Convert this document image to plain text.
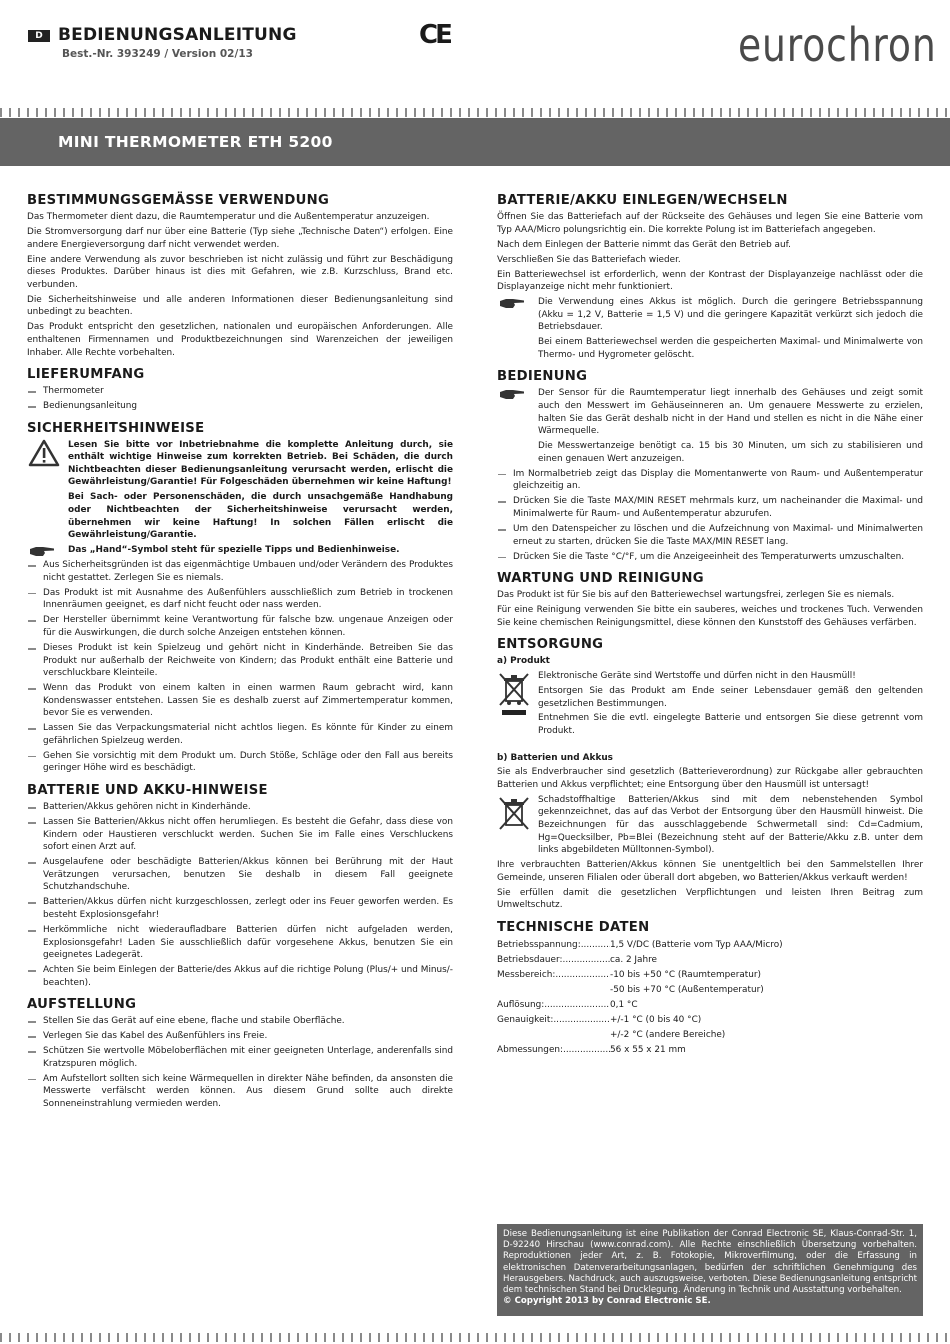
D BEDIENUNGSANLEITUNG
Best.-Nr. 393249 / Version 02/13
CE	eurochron
MINI THERMOMETER ETH 5200
BESTIMMUNGSGEMÄSSE VERWENDUNG

Das Thermometer dient dazu, die Raumtemperatur und die Außentemperatur anzuzeigen.

Die Stromversorgung darf nur über eine Batterie (Typ siehe „Technische Daten“) erfolgen. Eine andere Energieversorgung darf nicht verwendet werden.

Eine andere Verwendung als zuvor beschrieben ist nicht zulässig und führt zur Beschädigung dieses Produktes. Darüber hinaus ist dies mit Gefahren, wie z.B. Kurzschluss, Brand etc. verbunden.

Die Sicherheitshinweise und alle anderen Informationen dieser Bedienungsanleitung sind unbedingt zu beachten.

Das Produkt entspricht den gesetzlichen, nationalen und europäischen Anforderungen. Alle enthaltenen Firmennamen und Produktbezeichnungen sind Warenzeichen der jeweiligen Inhaber. Alle Rechte vorbehalten.

LIEFERUMFANG
Thermometer
Bedienungsanleitung
SICHERHEITSHINWEISE

Lesen Sie bitte vor Inbetriebnahme die komplette Anleitung durch, sie enthält wichtige Hinweise zum korrekten Betrieb. Bei Schäden, die durch Nichtbeachten dieser Bedienungsanleitung verursacht werden, erlischt die Gewährleistung/Garantie! Für Folgeschäden übernehmen wir keine Haftung!

Bei Sach- oder Personenschäden, die durch unsachgemäße Handhabung oder Nichtbeachten der Sicherheitshinweise verursacht werden, übernehmen wir keine Haftung! In solchen Fällen erlischt die Gewährleistung/Garantie.

Das „Hand“-Symbol steht für spezielle Tipps und Bedienhinweise.

Aus Sicherheitsgründen ist das eigenmächtige Umbauen und/oder Verändern des Produktes nicht gestattet. Zerlegen Sie es niemals.
Das Produkt ist mit Ausnahme des Außenfühlers ausschließlich zum Betrieb in trockenen Innenräumen geeignet, es darf nicht feucht oder nass werden.
Der Hersteller übernimmt keine Verantwortung für falsche bzw. ungenaue Anzeigen oder für die Auswirkungen, die durch solche Anzeigen entstehen können.
Dieses Produkt ist kein Spielzeug und gehört nicht in Kinderhände. Betreiben Sie das Produkt nur außerhalb der Reichweite von Kindern; das Produkt enthält eine Batterie und verschluckbare Kleinteile.
Wenn das Produkt von einem kalten in einen warmen Raum gebracht wird, kann Kondenswasser entstehen. Lassen Sie es deshalb zuerst auf Zimmertemperatur kommen, bevor Sie es verwenden.
Lassen Sie das Verpackungsmaterial nicht achtlos liegen. Es könnte für Kinder zu einem gefährlichen Spielzeug werden.
Gehen Sie vorsichtig mit dem Produkt um. Durch Stöße, Schläge oder den Fall aus bereits geringer Höhe wird es beschädigt.
BATTERIE UND AKKU-HINWEISE
Batterien/Akkus gehören nicht in Kinderhände.
Lassen Sie Batterien/Akkus nicht offen herumliegen. Es besteht die Gefahr, dass diese von Kindern oder Haustieren verschluckt werden. Suchen Sie im Falle eines Verschluckens sofort einen Arzt auf.
Ausgelaufene oder beschädigte Batterien/Akkus können bei Berührung mit der Haut Verätzungen verursachen, benutzen Sie deshalb in diesem Fall geeignete Schutzhandschuhe.
Batterien/Akkus dürfen nicht kurzgeschlossen, zerlegt oder ins Feuer geworfen werden. Es besteht Explosionsgefahr!
Herkömmliche nicht wiederaufladbare Batterien dürfen nicht aufgeladen werden, Explosionsgefahr! Laden Sie ausschließlich dafür vorgesehene Akkus, benutzen Sie ein geeignetes Ladegerät.
Achten Sie beim Einlegen der Batterie/des Akkus auf die richtige Polung (Plus/+ und Minus/- beachten).
AUFSTELLUNG
Stellen Sie das Gerät auf eine ebene, flache und stabile Oberfläche.
Verlegen Sie das Kabel des Außenfühlers ins Freie.
Schützen Sie wertvolle Möbeloberflächen mit einer geeigneten Unterlage, anderenfalls sind Kratzspuren möglich.
Am Aufstellort sollten sich keine Wärmequellen in direkter Nähe befinden, da ansonsten die Messwerte verfälscht werden können. Aus diesem Grund sollte auch direkte Sonneneinstrahlung vermieden werden.
BATTERIE/AKKU EINLEGEN/WECHSELN

Öffnen Sie das Batteriefach auf der Rückseite des Gehäuses und legen Sie eine Batterie vom Typ AAA/Micro polungsrichtig ein. Die korrekte Polung ist im Batteriefach angegeben.

Nach dem Einlegen der Batterie nimmt das Gerät den Betrieb auf.

Verschließen Sie das Batteriefach wieder.

Ein Batteriewechsel ist erforderlich, wenn der Kontrast der Displayanzeige nachlässt oder die Displayanzeige nicht mehr funktioniert.

Die Verwendung eines Akkus ist möglich. Durch die geringere Betriebsspannung (Akku = 1,2 V, Batterie = 1,5 V) und die geringere Kapazität verkürzt sich jedoch die Betriebsdauer.

Bei einem Batteriewechsel werden die gespeicherten Maximal- und Minimalwerte von Thermo- und Hygrometer gelöscht.

BEDIENUNG

Der Sensor für die Raumtemperatur liegt innerhalb des Gehäuses und zeigt somit auch den Messwert im Gehäuseinneren an. Um genauere Messwerte zu erzielen, halten Sie das Gerät deshalb nicht in der Hand und stellen es nicht in die Nähe einer Wärmequelle.

Die Messwertanzeige benötigt ca. 15 bis 30 Minuten, um sich zu stabilisieren und einen genauen Wert anzuzeigen.

Im Normalbetrieb zeigt das Display die Momentanwerte von Raum- und Außentemperatur gleichzeitig an.
Drücken Sie die Taste MAX/MIN RESET mehrmals kurz, um nacheinander die Maximal- und Minimalwerte für Raum- und Außentemperatur abzurufen.
Um den Datenspeicher zu löschen und die Aufzeichnung von Maximal- und Minimalwerten erneut zu starten, drücken Sie die Taste MAX/MIN RESET lang.
Drücken Sie die Taste °C/°F, um die Anzeigeeinheit des Temperaturwerts umzuschalten.
WARTUNG UND REINIGUNG

Das Produkt ist für Sie bis auf den Batteriewechsel wartungsfrei, zerlegen Sie es niemals.

Für eine Reinigung verwenden Sie bitte ein sauberes, weiches und trockenes Tuch. Verwenden Sie keine chemischen Reinigungsmittel, diese können den Kunststoff des Gehäuses verfärben.

ENTSORGUNG
a) Produkt

Elektronische Geräte sind Wertstoffe und dürfen nicht in den Hausmüll!

Entsorgen Sie das Produkt am Ende seiner Lebensdauer gemäß den geltenden gesetzlichen Bestimmungen.

Entnehmen Sie die evtl. eingelegte Batterie und entsorgen Sie diese getrennt vom Produkt.

b) Batterien und Akkus

Sie als Endverbraucher sind gesetzlich (Batterieverordnung) zur Rückgabe aller gebrauchten Batterien und Akkus verpflichtet; eine Entsorgung über den Hausmüll ist untersagt!

Schadstoffhaltige Batterien/Akkus sind mit dem nebenstehenden Symbol gekennzeichnet, das auf das Verbot der Entsorgung über den Hausmüll hinweist. Die Bezeichnungen für das ausschlaggebende Schwermetall sind: Cd=Cadmium, Hg=Quecksilber, Pb=Blei (Bezeichnung steht auf der Batterie/Akku z.B. unter dem links abgebildeten Mülltonnen-Symbol).

Ihre verbrauchten Batterien/Akkus können Sie unentgeltlich bei den Sammelstellen Ihrer Gemeinde, unseren Filialen oder überall dort abgeben, wo Batterien/Akkus verkauft werden!

Sie erfüllen damit die gesetzlichen Verpflichtungen und leisten Ihren Beitrag zum Umweltschutz.

TECHNISCHE DATEN
Betriebsspannung: .....	1,5 V/DC (Batterie vom Typ AAA/Micro)
Betriebsdauer: .....	ca. 2 Jahre
Messbereich: .....	-10 bis +50 °C (Raumtemperatur)
-50 bis +70 °C (Außentemperatur)
Auflösung: .....	0,1 °C
Genauigkeit: .....	+/-1 °C (0 bis 40 °C)
+/-2 °C (andere Bereiche)
Abmessungen: .....	56 x 55 x 21 mm
Diese Bedienungsanleitung ist eine Publikation der Conrad Electronic SE, Klaus-Conrad-Str. 1, D-92240 Hirschau (www.conrad.com). Alle Rechte einschließlich Übersetzung vorbehalten. Reproduktionen jeder Art, z. B. Fotokopie, Mikroverfilmung, oder die Erfassung in elektronischen Datenverarbeitungsanlagen, bedürfen der schriftlichen Genehmigung des Herausgebers. Nachdruck, auch auszugsweise, verboten. Diese Bedienungsanleitung entspricht dem technischen Stand bei Drucklegung. Änderung in Technik und Ausstattung vorbehalten.
© Copyright 2013 by Conrad Electronic SE.
